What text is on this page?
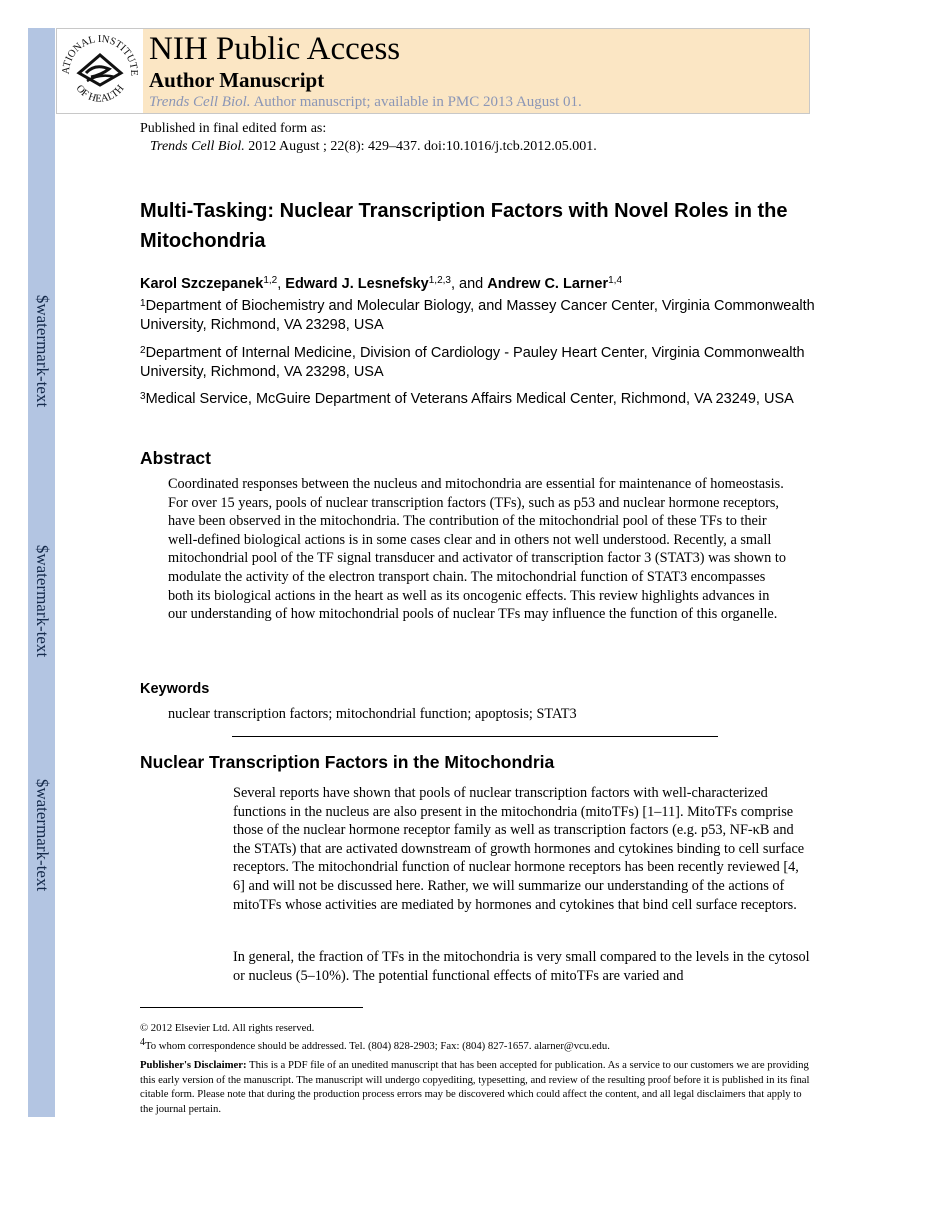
$watermark-text
$watermark-text
$watermark-text
ATIONAL INSTITUTE
OF HEALTH
NIH Public Access
Author Manuscript
Trends Cell Biol. Author manuscript; available in PMC 2013 August 01.
Published in final edited form as:
Trends Cell Biol. 2012 August ; 22(8): 429–437. doi:10.1016/j.tcb.2012.05.001.
Multi-Tasking: Nuclear Transcription Factors with Novel Roles in the Mitochondria
Karol Szczepanek$^{1,2}$, Edward J. Lesnefsky$^{1,2,3}$, and Andrew C. Larner$^{1,4}$
$^1$Department of Biochemistry and Molecular Biology, and Massey Cancer Center, Virginia Commonwealth University, Richmond, VA 23298, USA
$^2$Department of Internal Medicine, Division of Cardiology - Pauley Heart Center, Virginia Commonwealth University, Richmond, VA 23298, USA
$^3$Medical Service, McGuire Department of Veterans Affairs Medical Center, Richmond, VA 23249, USA
Abstract
Coordinated responses between the nucleus and mitochondria are essential for maintenance of homeostasis. For over 15 years, pools of nuclear transcription factors (TFs), such as p53 and nuclear hormone receptors, have been observed in the mitochondria. The contribution of the mitochondrial pool of these TFs to their well-defined biological actions is in some cases clear and in others not well understood. Recently, a small mitochondrial pool of the TF signal transducer and activator of transcription factor 3 (STAT3) was shown to modulate the activity of the electron transport chain. The mitochondrial function of STAT3 encompasses both its biological actions in the heart as well as its oncogenic effects. This review highlights advances in our understanding of how mitochondrial pools of nuclear TFs may influence the function of this organelle.
Keywords
nuclear transcription factors; mitochondrial function; apoptosis; STAT3
Nuclear Transcription Factors in the Mitochondria
Several reports have shown that pools of nuclear transcription factors with well-characterized functions in the nucleus are also present in the mitochondria (mitoTFs) [1–11]. MitoTFs comprise those of the nuclear hormone receptor family as well as transcription factors (e.g. p53, NF-κB and the STATs) that are activated downstream of growth hormones and cytokines binding to cell surface receptors. The mitochondrial function of nuclear hormone receptors has been recently reviewed [4, 6] and will not be discussed here. Rather, we will summarize our understanding of the actions of mitoTFs whose activities are mediated by hormones and cytokines that bind cell surface receptors.
In general, the fraction of TFs in the mitochondria is very small compared to the levels in the cytosol or nucleus (5–10%). The potential functional effects of mitoTFs are varied and
© 2012 Elsevier Ltd. All rights reserved.
$^4$To whom correspondence should be addressed. Tel. (804) 828-2903; Fax: (804) 827-1657. alarner@vcu.edu.
Publisher's Disclaimer: This is a PDF file of an unedited manuscript that has been accepted for publication. As a service to our customers we are providing this early version of the manuscript. The manuscript will undergo copyediting, typesetting, and review of the resulting proof before it is published in its final citable form. Please note that during the production process errors may be discovered which could affect the content, and all legal disclaimers that apply to the journal pertain.
